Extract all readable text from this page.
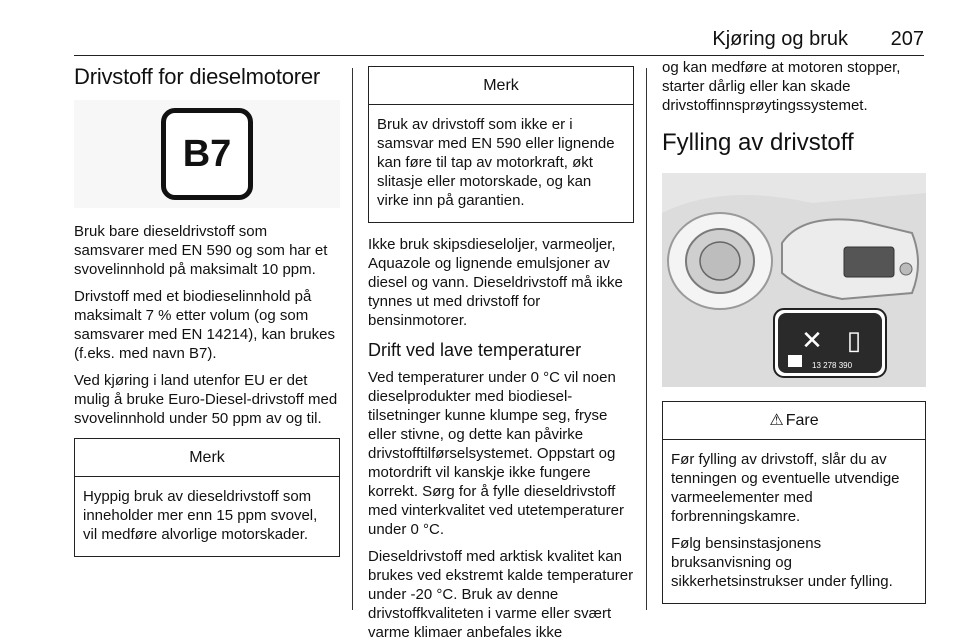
Kjøring og bruk 207
Drivstoff for dieselmotorer
B7

Bruk bare dieseldrivstoff som samsvarer med EN 590 og som har et svovelinnhold på maksimalt 10 ppm.

Drivstoff med et biodieselinnhold på maksimalt 7 % etter volum (og som samsvarer med EN 14214), kan brukes (f.eks. med navn B7).

Ved kjøring i land utenfor EU er det mulig å bruke Euro-Diesel-drivstoff med svovelinnhold under 50 ppm av og til.

Merk

Hyppig bruk av dieseldrivstoff som inneholder mer enn 15 ppm svovel, vil medføre alvorlige motorskader.

Merk

Bruk av drivstoff som ikke er i samsvar med EN 590 eller lignende kan føre til tap av motorkraft, økt slitasje eller motorskade, og kan virke inn på garantien.

Ikke bruk skipsdieseloljer, varmeoljer, Aquazole og lignende emulsjoner av diesel og vann. Dieseldrivstoff må ikke tynnes ut med drivstoff for bensinmotorer.

Drift ved lave temperaturer

Ved temperaturer under 0 °C vil noen dieselprodukter med biodiesel-tilsetninger kunne klumpe seg, fryse eller stivne, og dette kan påvirke drivstofftilførselsystemet. Oppstart og motordrift vil kanskje ikke fungere korrekt. Sørg for å fylle dieseldrivstoff med vinterkvalitet ved utetemperaturer under 0 °C.

Dieseldrivstoff med arktisk kvalitet kan brukes ved ekstremt kalde temperaturer under -20 °C. Bruk av denne drivstoffkvaliteten i varme eller svært varme klimaer anbefales ikke

og kan medføre at motoren stopper, starter dårlig eller kan skade drivstoffinnsprøytingssystemet.

Fylling av drivstoff
✕ ▯
13 278 390
⚠ Fare

Før fylling av drivstoff, slår du av tenningen og eventuelle utvendige varmeelementer med forbrenningskamre.

Følg bensinstasjonens bruksanvisning og sikkerhetsinstrukser under fylling.
